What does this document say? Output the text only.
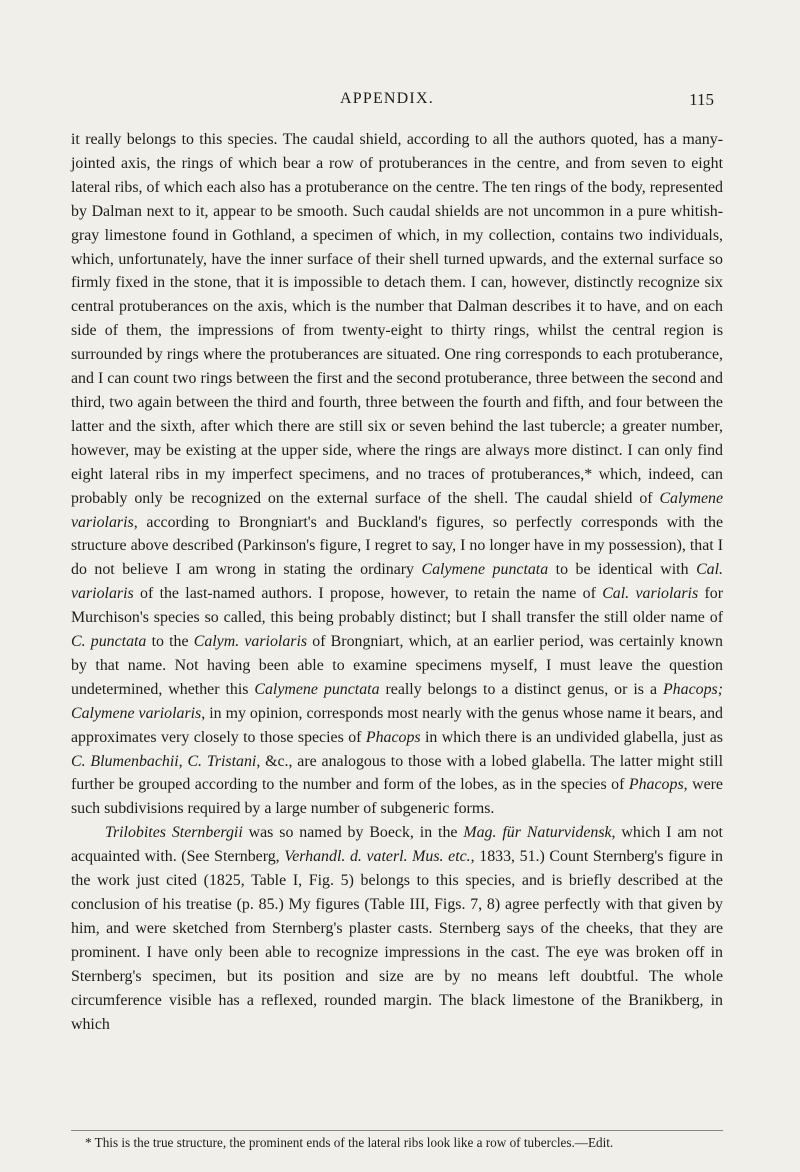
APPENDIX.	115

it really belongs to this species. The caudal shield, according to all the authors quoted, has a many-jointed axis, the rings of which bear a row of protuberances in the centre, and from seven to eight lateral ribs, of which each also has a protuberance on the centre. The ten rings of the body, represented by Dalman next to it, appear to be smooth. Such caudal shields are not uncommon in a pure whitish-gray limestone found in Gothland, a specimen of which, in my collection, contains two individuals, which, unfortunately, have the inner surface of their shell turned upwards, and the external surface so firmly fixed in the stone, that it is impossible to detach them. I can, however, distinctly recognize six central protuberances on the axis, which is the number that Dalman describes it to have, and on each side of them, the impressions of from twenty-eight to thirty rings, whilst the central region is surrounded by rings where the protuberances are situated. One ring corresponds to each protuberance, and I can count two rings between the first and the second protuberance, three between the second and third, two again between the third and fourth, three between the fourth and fifth, and four between the latter and the sixth, after which there are still six or seven behind the last tubercle; a greater number, however, may be existing at the upper side, where the rings are always more distinct. I can only find eight lateral ribs in my imperfect specimens, and no traces of protuberances,* which, indeed, can probably only be recognized on the external surface of the shell. The caudal shield of Calymene variolaris, according to Brongniart's and Buckland's figures, so perfectly corresponds with the structure above described (Parkinson's figure, I regret to say, I no longer have in my possession), that I do not believe I am wrong in stating the ordinary Calymene punctata to be identical with Cal. variolaris of the last-named authors. I propose, however, to retain the name of Cal. variolaris for Murchison's species so called, this being probably distinct; but I shall transfer the still older name of C. punctata to the Calym. variolaris of Brongniart, which, at an earlier period, was certainly known by that name. Not having been able to examine specimens myself, I must leave the question undetermined, whether this Calymene punctata really belongs to a distinct genus, or is a Phacops; Calymene variolaris, in my opinion, corresponds most nearly with the genus whose name it bears, and approximates very closely to those species of Phacops in which there is an undivided glabella, just as C. Blumenbachii, C. Tristani, &c., are analogous to those with a lobed glabella. The latter might still further be grouped according to the number and form of the lobes, as in the species of Phacops, were such subdivisions required by a large number of subgeneric forms.

Trilobites Sternbergii was so named by Boeck, in the Mag. für Naturvidensk, which I am not acquainted with. (See Sternberg, Verhandl. d. vaterl. Mus. etc., 1833, 51.) Count Sternberg's figure in the work just cited (1825, Table I, Fig. 5) belongs to this species, and is briefly described at the conclusion of his treatise (p. 85.) My figures (Table III, Figs. 7, 8) agree perfectly with that given by him, and were sketched from Sternberg's plaster casts. Sternberg says of the cheeks, that they are prominent. I have only been able to recognize impressions in the cast. The eye was broken off in Sternberg's specimen, but its position and size are by no means left doubtful. The whole circumference visible has a reflexed, rounded margin. The black limestone of the Branikberg, in which

* This is the true structure, the prominent ends of the lateral ribs look like a row of tubercles.—Edit.
